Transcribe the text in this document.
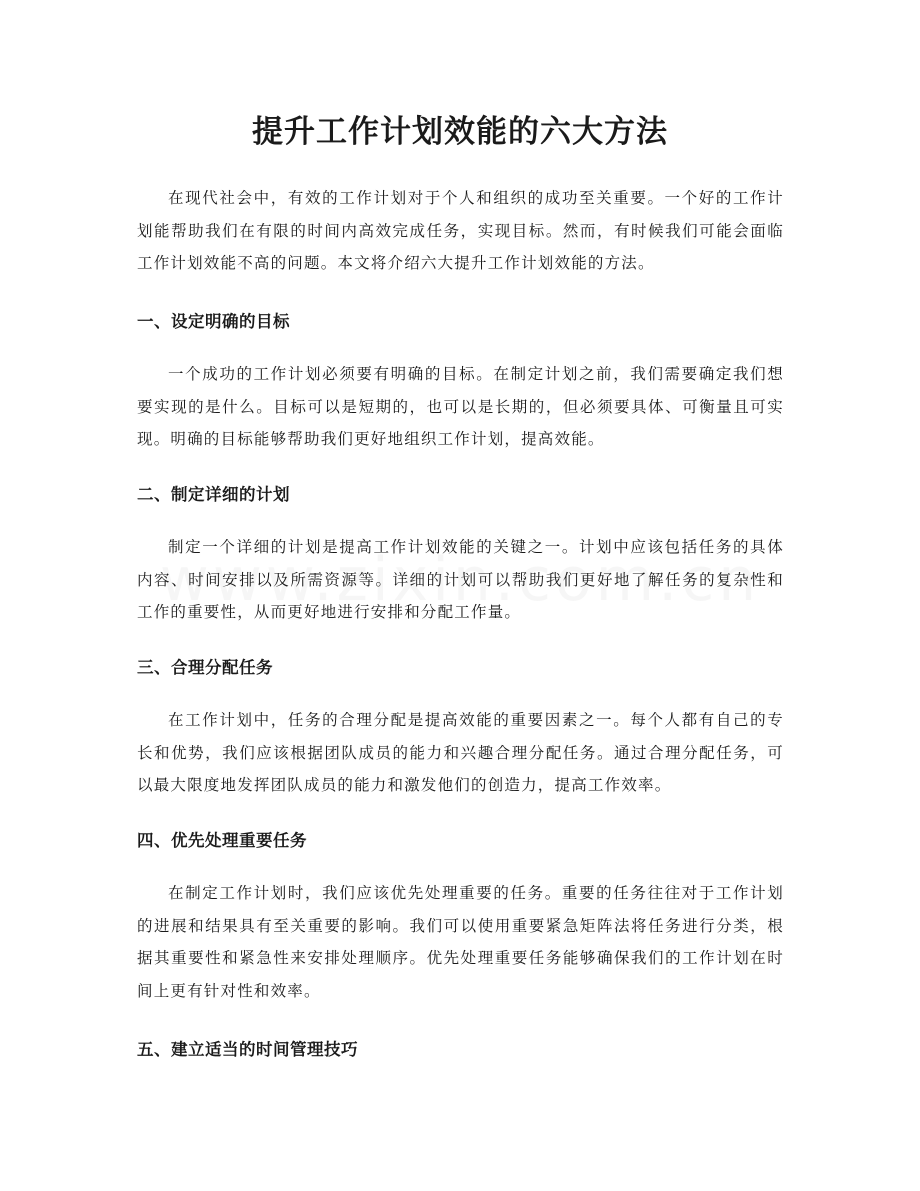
提升工作计划效能的六大方法

在现代社会中，有效的工作计划对于个人和组织的成功至关重要。一个好的工作计划能帮助我们在有限的时间内高效完成任务，实现目标。然而，有时候我们可能会面临工作计划效能不高的问题。本文将介绍六大提升工作计划效能的方法。

一、设定明确的目标

一个成功的工作计划必须要有明确的目标。在制定计划之前，我们需要确定我们想要实现的是什么。目标可以是短期的，也可以是长期的，但必须要具体、可衡量且可实现。明确的目标能够帮助我们更好地组织工作计划，提高效能。

二、制定详细的计划

制定一个详细的计划是提高工作计划效能的关键之一。计划中应该包括任务的具体内容、时间安排以及所需资源等。详细的计划可以帮助我们更好地了解任务的复杂性和工作的重要性，从而更好地进行安排和分配工作量。

三、合理分配任务

在工作计划中，任务的合理分配是提高效能的重要因素之一。每个人都有自己的专长和优势，我们应该根据团队成员的能力和兴趣合理分配任务。通过合理分配任务，可以最大限度地发挥团队成员的能力和激发他们的创造力，提高工作效率。

四、优先处理重要任务

在制定工作计划时，我们应该优先处理重要的任务。重要的任务往往对于工作计划的进展和结果具有至关重要的影响。我们可以使用重要紧急矩阵法将任务进行分类，根据其重要性和紧急性来安排处理顺序。优先处理重要任务能够确保我们的工作计划在时间上更有针对性和效率。

五、建立适当的时间管理技巧
